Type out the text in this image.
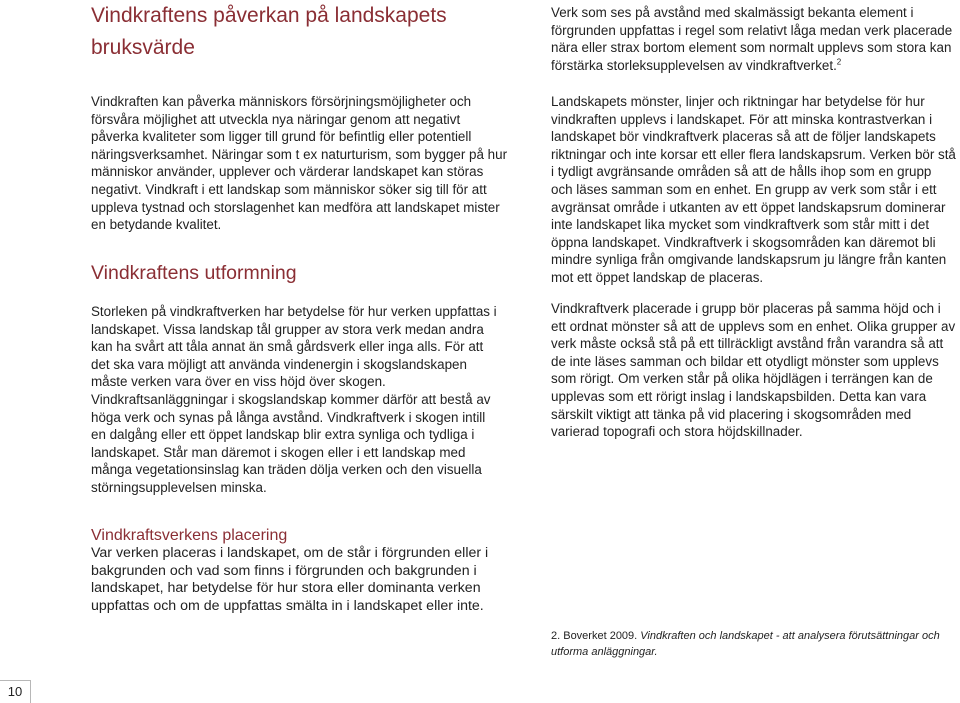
Vindkraftens påverkan på landskapets
bruksvärde

Vindkraften kan påverka människors försörjningsmöjligheter och försvåra möjlighet att utveckla nya näringar genom att negativt påverka kvaliteter som ligger till grund för befintlig eller potentiell näringsverksamhet. Näringar som t ex naturturism, som bygger på hur människor använder, upplever och värderar landskapet kan störas negativt. Vindkraft i ett landskap som människor söker sig till för att uppleva tystnad och storslagenhet kan medföra att landskapet mister en betydande kvalitet.

Vindkraftens utformning

Storleken på vindkraftverken har betydelse för hur verken uppfattas i landskapet. Vissa landskap tål grupper av stora verk medan andra kan ha svårt att tåla annat än små gårdsverk eller inga alls. För att det ska vara möjligt att använda vindenergin i skogslandskapen måste verken vara över en viss höjd över skogen. Vindkraftsanläggningar i skogslandskap kommer därför att bestå av höga verk och synas på långa avstånd. Vindkraftverk i skogen intill en dalgång eller ett öppet landskap blir extra synliga och tydliga i landskapet. Står man däremot i skogen eller i ett landskap med många vegetationsinslag kan träden dölja verken och den visuella störningsupplevelsen minska.

Vindkraftsverkens placering

Var verken placeras i landskapet, om de står i förgrunden eller i bakgrunden och vad som finns i förgrunden och bakgrunden i landskapet, har betydelse för hur stora eller dominanta verken uppfattas och om de uppfattas smälta in i landskapet eller inte.

Verk som ses på avstånd med skalmässigt bekanta element i förgrunden uppfattas i regel som relativt låga medan verk placerade nära eller strax bortom element som normalt upplevs som stora kan förstärka storleksupplevelsen av vindkraftverket.$^2$

Landskapets mönster, linjer och riktningar har betydelse för hur vindkraften upplevs i landskapet. För att minska kontrastverkan i landskapet bör vindkraftverk placeras så att de följer landskapets riktningar och inte korsar ett eller flera landskapsrum. Verken bör stå i tydligt avgränsande områden så att de hålls ihop som en grupp och läses samman som en enhet. En grupp av verk som står i ett avgränsat område i utkanten av ett öppet landskapsrum dominerar inte landskapet lika mycket som vindkraftverk som står mitt i det öppna landskapet. Vindkraftverk i skogsområden kan däremot bli mindre synliga från omgivande landskapsrum ju längre från kanten mot ett öppet landskap de placeras.

Vindkraftverk placerade i grupp bör placeras på samma höjd och i ett ordnat mönster så att de upplevs som en enhet. Olika grupper av verk måste också stå på ett tillräckligt avstånd från varandra så att de inte läses samman och bildar ett otydligt mönster som upplevs som rörigt. Om verken står på olika höjdlägen i terrängen kan de upplevas som ett rörigt inslag i landskapsbilden. Detta kan vara särskilt viktigt att tänka på vid placering i skogsområden med varierad topografi och stora höjdskillnader.

2. Boverket 2009. Vindkraften och landskapet - att analysera förutsättningar och utforma anläggningar.

10
